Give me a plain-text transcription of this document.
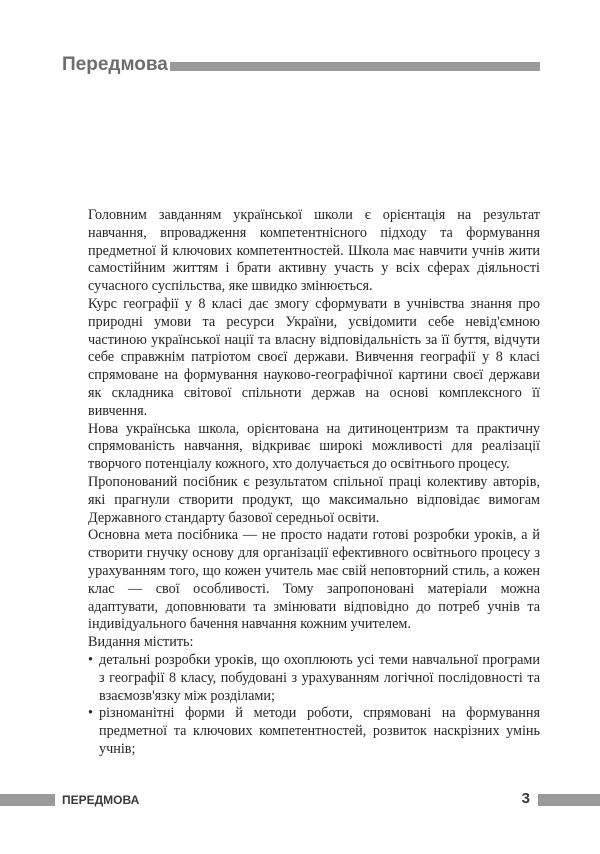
Передмова

Головним завданням української школи є орієнтація на результат навчання, впровадження компетентнісного підходу та формування предметної й ключових компетентностей. Школа має навчити учнів жити самостійним життям і брати активну участь у всіх сферах діяльності сучасного суспільства, яке швидко змінюється.

Курс географії у 8 класі дає змогу сформувати в учнівства знання про природні умови та ресурси України, усвідомити себе невід'ємною частиною української нації та власну відповідальність за її буття, відчути себе справжнім патріотом своєї держави. Вивчення географії у 8 класі спрямоване на формування науково-географічної картини своєї держави як складника світової спільноти держав на основі комплексного її вивчення.

Нова українська школа, орієнтована на дитиноцентризм та практичну спрямованість навчання, відкриває широкі можливості для реалізації творчого потенціалу кожного, хто долучається до освітнього процесу.

Пропонований посібник є результатом спільної праці колективу авторів, які прагнули створити продукт, що максимально відповідає вимогам Державного стандарту базової середньої освіти.

Основна мета посібника — не просто надати готові розробки уроків, а й створити гнучку основу для організації ефективного освітнього процесу з урахуванням того, що кожен учитель має свій неповторний стиль, а кожен клас — свої особливості. Тому запропоновані матеріали можна адаптувати, доповнювати та змінювати відповідно до потреб учнів та індивідуального бачення навчання кожним учителем.

Видання містить:

• детальні розробки уроків, що охоплюють усі теми навчальної програми з географії 8 класу, побудовані з урахуванням логічної послідовності та взаємозв'язку між розділами;
• різноманітні форми й методи роботи, спрямовані на формування предметної та ключових компетентностей, розвиток наскрізних умінь учнів;
ПЕРЕДМОВА	3
